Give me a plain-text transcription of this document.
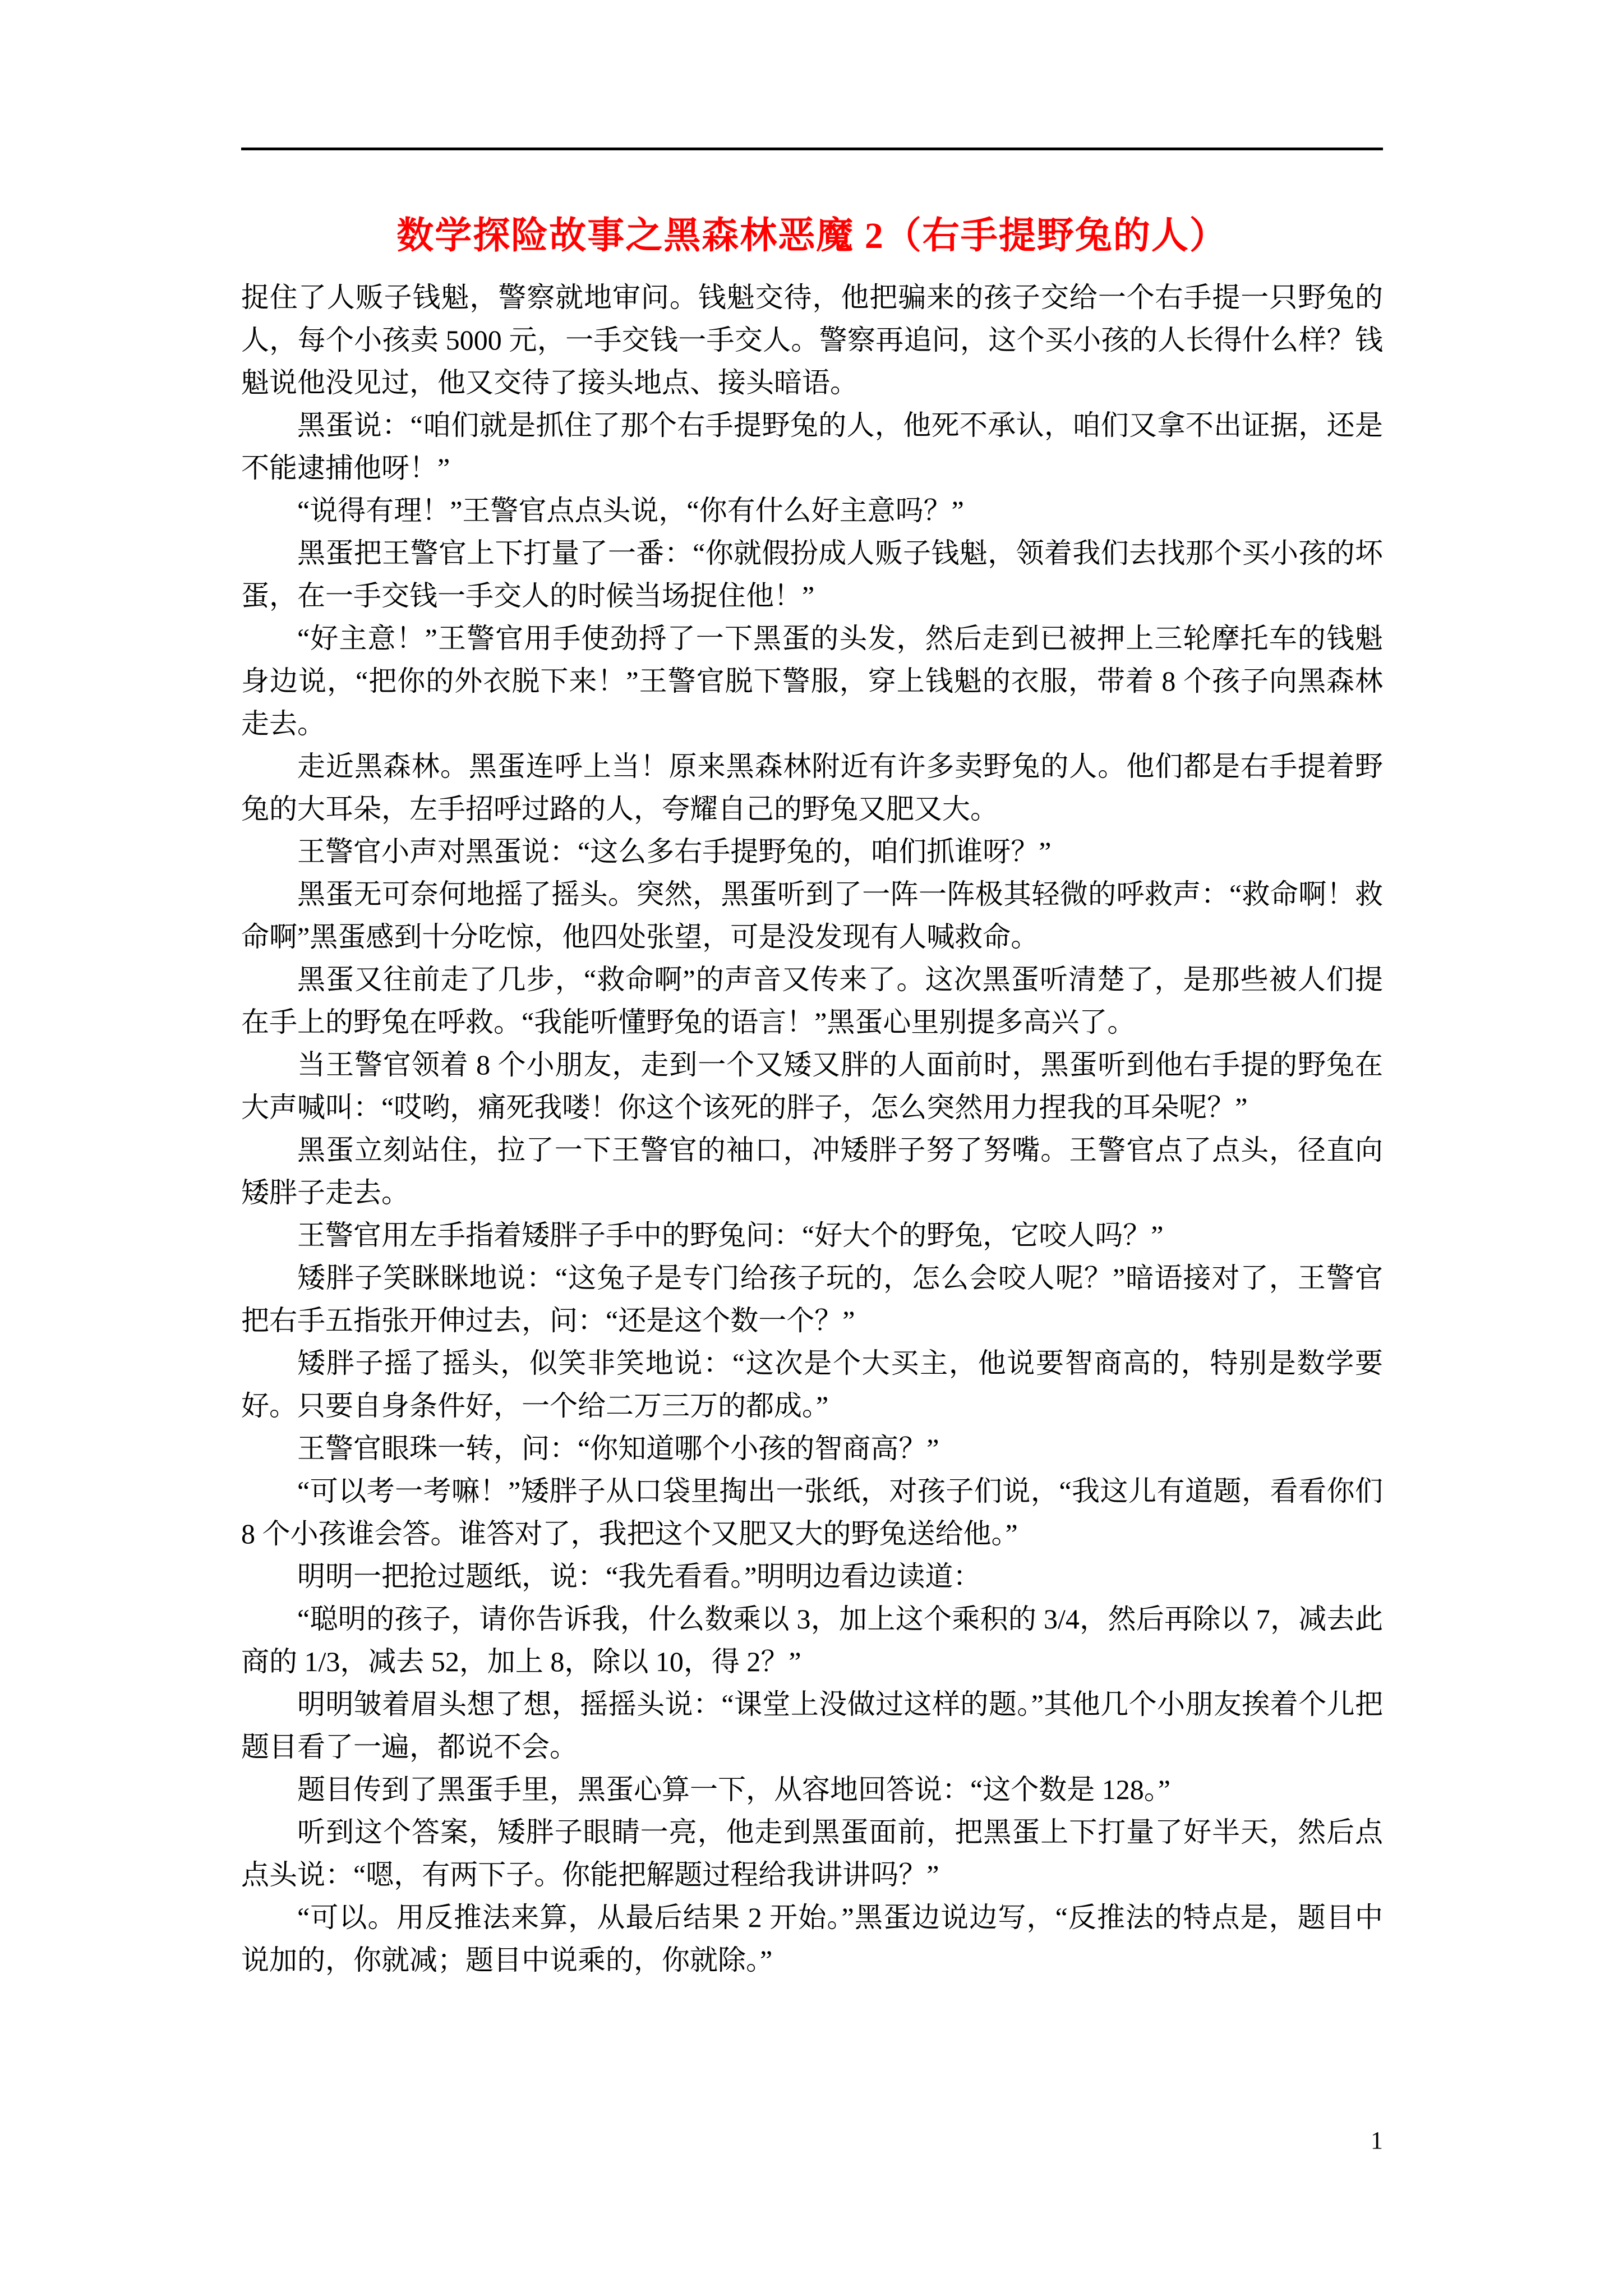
数学探险故事之黑森林恶魔 2（右手提野兔的人）

捉住了人贩子钱魁，警察就地审问。钱魁交待，他把骗来的孩子交给一个右手提一只野兔的人，每个小孩卖 5000 元，一手交钱一手交人。警察再追问，这个买小孩的人长得什么样？钱魁说他没见过，他又交待了接头地点、接头暗语。

黑蛋说：“咱们就是抓住了那个右手提野兔的人，他死不承认，咱们又拿不出证据，还是不能逮捕他呀！”

“说得有理！”王警官点点头说，“你有什么好主意吗？”

黑蛋把王警官上下打量了一番：“你就假扮成人贩子钱魁，领着我们去找那个买小孩的坏蛋，在一手交钱一手交人的时候当场捉住他！”

“好主意！”王警官用手使劲捋了一下黑蛋的头发，然后走到已被押上三轮摩托车的钱魁身边说，“把你的外衣脱下来！”王警官脱下警服，穿上钱魁的衣服，带着 8 个孩子向黑森林走去。

走近黑森林。黑蛋连呼上当！原来黑森林附近有许多卖野兔的人。他们都是右手提着野兔的大耳朵，左手招呼过路的人，夸耀自己的野兔又肥又大。

王警官小声对黑蛋说：“这么多右手提野兔的，咱们抓谁呀？”

黑蛋无可奈何地摇了摇头。突然，黑蛋听到了一阵一阵极其轻微的呼救声：“救命啊！救命啊”黑蛋感到十分吃惊，他四处张望，可是没发现有人喊救命。

黑蛋又往前走了几步，“救命啊”的声音又传来了。这次黑蛋听清楚了，是那些被人们提在手上的野兔在呼救。“我能听懂野兔的语言！”黑蛋心里别提多高兴了。

当王警官领着 8 个小朋友，走到一个又矮又胖的人面前时，黑蛋听到他右手提的野兔在大声喊叫：“哎哟，痛死我喽！你这个该死的胖子，怎么突然用力捏我的耳朵呢？”

黑蛋立刻站住，拉了一下王警官的袖口，冲矮胖子努了努嘴。王警官点了点头，径直向矮胖子走去。

王警官用左手指着矮胖子手中的野兔问：“好大个的野兔，它咬人吗？”

矮胖子笑眯眯地说：“这兔子是专门给孩子玩的，怎么会咬人呢？”暗语接对了，王警官把右手五指张开伸过去，问：“还是这个数一个？”

矮胖子摇了摇头，似笑非笑地说：“这次是个大买主，他说要智商高的，特别是数学要好。只要自身条件好，一个给二万三万的都成。”

王警官眼珠一转，问：“你知道哪个小孩的智商高？”

“可以考一考嘛！”矮胖子从口袋里掏出一张纸，对孩子们说，“我这儿有道题，看看你们 8 个小孩谁会答。谁答对了，我把这个又肥又大的野兔送给他。”

明明一把抢过题纸，说：“我先看看。”明明边看边读道：

“聪明的孩子，请你告诉我，什么数乘以 3，加上这个乘积的 3/4，然后再除以 7，减去此商的 1/3，减去 52，加上 8，除以 10，得 2？”

明明皱着眉头想了想，摇摇头说：“课堂上没做过这样的题。”其他几个小朋友挨着个儿把题目看了一遍，都说不会。

题目传到了黑蛋手里，黑蛋心算一下，从容地回答说：“这个数是 128。”

听到这个答案，矮胖子眼睛一亮，他走到黑蛋面前，把黑蛋上下打量了好半天，然后点点头说：“嗯，有两下子。你能把解题过程给我讲讲吗？”

“可以。用反推法来算，从最后结果 2 开始。”黑蛋边说边写，“反推法的特点是，题目中说加的，你就减；题目中说乘的，你就除。”

1
